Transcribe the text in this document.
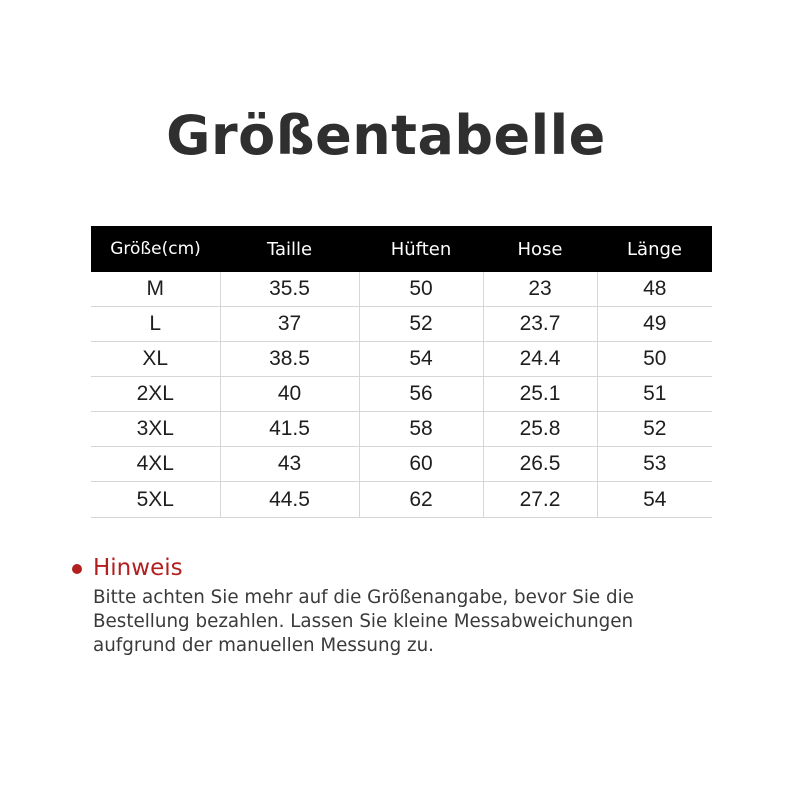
Größentabelle
Größe(cm)	Taille	Hüften	Hose	Länge
M	35.5	50	23	48
L	37	52	23.7	49
XL	38.5	54	24.4	50
2XL	40	56	25.1	51
3XL	41.5	58	25.8	52
4XL	43	60	26.5	53
5XL	44.5	62	27.2	54
Hinweis
Bitte achten Sie mehr auf die Größenangabe, bevor Sie die
Bestellung bezahlen. Lassen Sie kleine Messabweichungen
aufgrund der manuellen Messung zu.
